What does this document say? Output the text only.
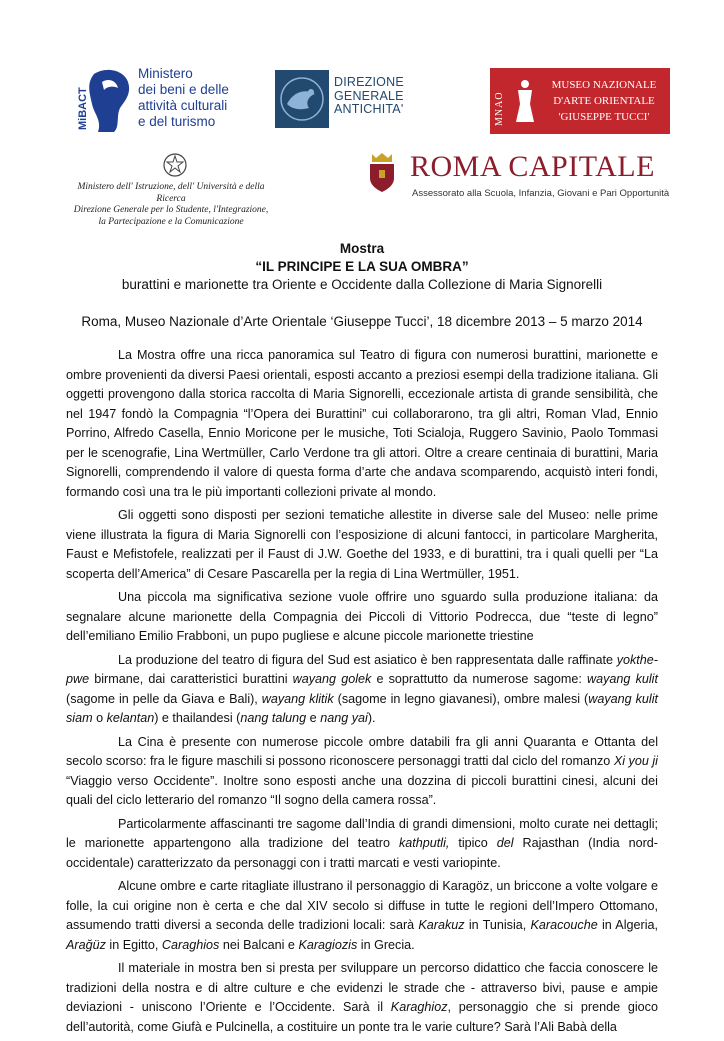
MiBACT
Ministero
dei beni e delle
attività culturali
e del turismo
DIREZIONE
GENERALE
ANTICHITA'	MNAO
MUSEO NAZIONALE
D'ARTE ORIENTALE
'GIUSEPPE TUCCI'
Ministero dell' Istruzione, dell' Università e della Ricerca
Direzione Generale per lo Studente, l'Integrazione,
la Partecipazione e la Comunicazione
ROMA CAPITALE
Assessorato alla Scuola, Infanzia, Giovani e Pari Opportunità
Mostra
“IL PRINCIPE E LA SUA OMBRA”
burattini e marionette tra Oriente e Occidente dalla Collezione di Maria Signorelli
Roma, Museo Nazionale d’Arte Orientale ‘Giuseppe Tucci’, 18 dicembre 2013 – 5 marzo 2014

La Mostra offre una ricca panoramica sul Teatro di figura con numerosi burattini, marionette e ombre provenienti da diversi Paesi orientali, esposti accanto a preziosi esempi della tradizione italiana. Gli oggetti provengono dalla storica raccolta di Maria Signorelli, eccezionale artista di grande sensibilità, che nel 1947 fondò la Compagnia “l’Opera dei Burattini” cui collaborarono, tra gli altri, Roman Vlad, Ennio Porrino, Alfredo Casella, Ennio Moricone per le musiche, Toti Scialoja, Ruggero Savinio, Paolo Tommasi per le scenografie, Lina Wertmüller, Carlo Verdone tra gli attori. Oltre a creare centinaia di burattini, Maria Signorelli, comprendendo il valore di questa forma d’arte che andava scomparendo, acquistò interi fondi, formando così una tra le più importanti collezioni private al mondo.

Gli oggetti sono disposti per sezioni tematiche allestite in diverse sale del Museo: nelle prime viene illustrata la figura di Maria Signorelli con l’esposizione di alcuni fantocci, in particolare Margherita, Faust e Mefistofele, realizzati per il Faust di J.W. Goethe del 1933, e di burattini, tra i quali quelli per “La scoperta dell’America” di Cesare Pascarella per la regia di Lina Wertmüller, 1951.

Una piccola ma significativa sezione vuole offrire uno sguardo sulla produzione italiana: da segnalare alcune marionette della Compagnia dei Piccoli di Vittorio Podrecca, due “teste di legno” dell’emiliano Emilio Frabboni, un pupo pugliese e alcune piccole marionette triestine

La produzione del teatro di figura del Sud est asiatico è ben rappresentata dalle raffinate yokthe-pwe birmane, dai caratteristici burattini wayang golek e soprattutto da numerose sagome: wayang kulit (sagome in pelle da Giava e Bali), wayang klitik (sagome in legno giavanesi), ombre malesi (wayang kulit siam o kelantan) e thailandesi (nang talung e nang yai).

La Cina è presente con numerose piccole ombre databili fra gli anni Quaranta e Ottanta del secolo scorso: fra le figure maschili si possono riconoscere personaggi tratti dal ciclo del romanzo Xi you ji “Viaggio verso Occidente”. Inoltre sono esposti anche una dozzina di piccoli burattini cinesi, alcuni dei quali del ciclo letterario del romanzo “Il sogno della camera rossa”.

Particolarmente affascinanti tre sagome dall’India di grandi dimensioni, molto curate nei dettagli; le marionette appartengono alla tradizione del teatro kathputli, tipico del Rajasthan (India nord-occidentale) caratterizzato da personaggi con i tratti marcati e vesti variopinte.

Alcune ombre e carte ritagliate illustrano il personaggio di Karagöz, un briccone a volte volgare e folle, la cui origine non è certa e che dal XIV secolo si diffuse in tutte le regioni dell’Impero Ottomano, assumendo tratti diversi a seconda delle tradizioni locali: sarà Karakuz in Tunisia, Karacouche in Algeria, Arağüz in Egitto, Caraghios nei Balcani e Karagiozis in Grecia.

Il materiale in mostra ben si presta per sviluppare un percorso didattico che faccia conoscere le tradizioni della nostra e di altre culture e che evidenzi le strade che - attraverso bivi, pause e ampie deviazioni - uniscono l’Oriente e l’Occidente. Sarà il Karaghioz, personaggio che si prende gioco dell’autorità, come Giufà e Pulcinella, a costituire un ponte tra le varie culture? Sarà l’Ali Babà della
